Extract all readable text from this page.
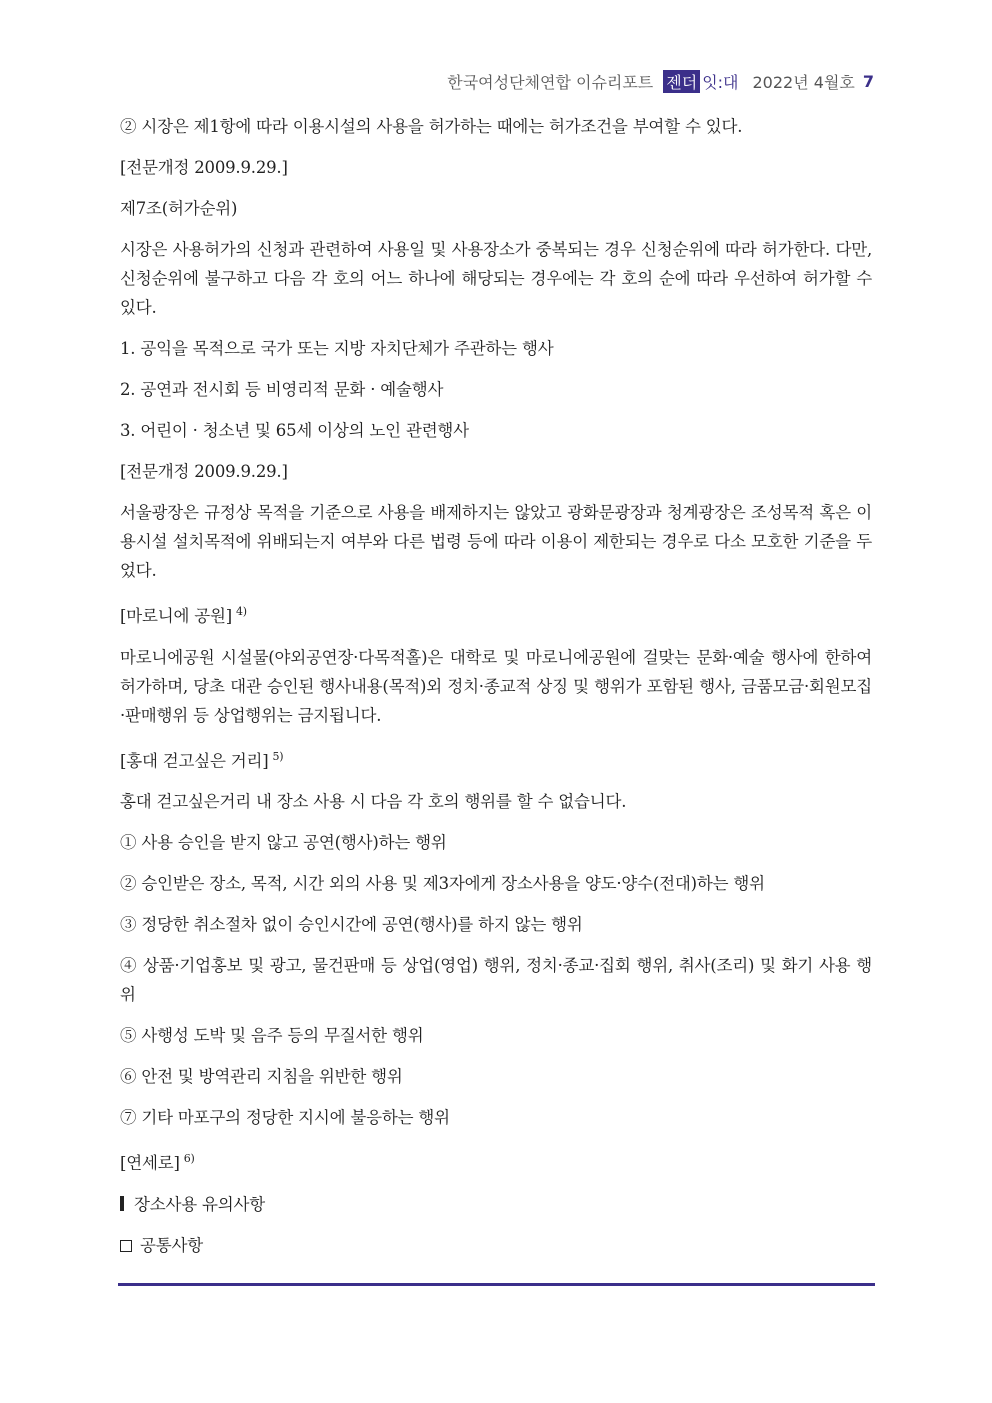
한국여성단체연합 이슈리포트 젠더 잇:대 2022년 4월호 7

② 시장은 제1항에 따라 이용시설의 사용을 허가하는 때에는 허가조건을 부여할 수 있다.

[전문개정 2009.9.29.]

제7조(허가순위)

시장은 사용허가의 신청과 관련하여 사용일 및 사용장소가 중복되는 경우 신청순위에 따라 허가한다. 다만, 신청순위에 불구하고 다음 각 호의 어느 하나에 해당되는 경우에는 각 호의 순에 따라 우선하여 허가할 수 있다.

1. 공익을 목적으로 국가 또는 지방 자치단체가 주관하는 행사

2. 공연과 전시회 등 비영리적 문화 · 예술행사

3. 어린이 · 청소년 및 65세 이상의 노인 관련행사

[전문개정 2009.9.29.]

서울광장은 규정상 목적을 기준으로 사용을 배제하지는 않았고 광화문광장과 청계광장은 조성목적 혹은 이용시설 설치목적에 위배되는지 여부와 다른 법령 등에 따라 이용이 제한되는 경우로 다소 모호한 기준을 두었다.

[마로니에 공원] $^{4)}$

마로니에공원 시설물(야외공연장·다목적홀)은 대학로 및 마로니에공원에 걸맞는 문화·예술 행사에 한하여 허가하며, 당초 대관 승인된 행사내용(목적)외 정치·종교적 상징 및 행위가 포함된 행사, 금품모금·회원모집·판매행위 등 상업행위는 금지됩니다.

[홍대 걷고싶은 거리] $^{5)}$

홍대 걷고싶은거리 내 장소 사용 시 다음 각 호의 행위를 할 수 없습니다.

① 사용 승인을 받지 않고 공연(행사)하는 행위

② 승인받은 장소, 목적, 시간 외의 사용 및 제3자에게 장소사용을 양도·양수(전대)하는 행위

③ 정당한 취소절차 없이 승인시간에 공연(행사)를 하지 않는 행위

④ 상품·기업홍보 및 광고, 물건판매 등 상업(영업) 행위, 정치·종교·집회 행위, 취사(조리) 및 화기 사용 행위

⑤ 사행성 도박 및 음주 등의 무질서한 행위

⑥ 안전 및 방역관리 지침을 위반한 행위

⑦ 기타 마포구의 정당한 지시에 불응하는 행위

[연세로] $^{6)}$

장소사용 유의사항

공통사항
